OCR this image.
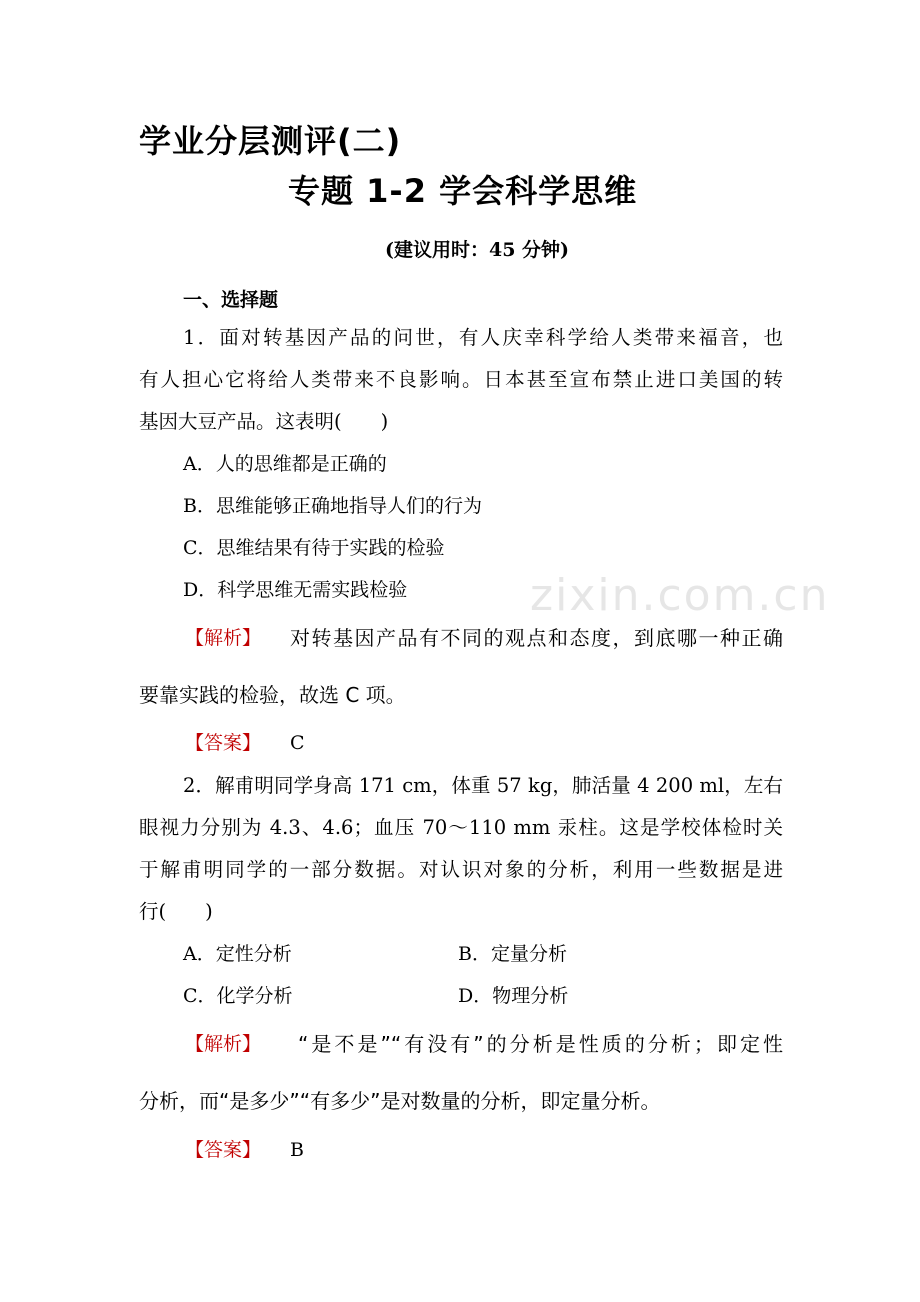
zixin.com.cn
学业分层测评(二)
专题 1-2 学会科学思维
(建议用时：45 分钟)
一、选择题
1．面对转基因产品的问世，有人庆幸科学给人类带来福音，也
有人担心它将给人类带来不良影响。日本甚至宣布禁止进口美国的转
基因大豆产品。这表明(　　)
A．人的思维都是正确的
B．思维能够正确地指导人们的行为
C．思维结果有待于实践的检验
D．科学思维无需实践检验
【解析】 对转基因产品有不同的观点和态度，到底哪一种正确
要靠实践的检验，故选 C 项。
【答案】 C
2．解甫明同学身高 171 cm，体重 57 kg，肺活量 4 200 ml，左右
眼视力分别为 4.3、4.6；血压 70～110 mm 汞柱。这是学校体检时关
于解甫明同学的一部分数据。对认识对象的分析，利用一些数据是进
行(　　)
A．定性分析	B．定量分析
C．化学分析	D．物理分析
【解析】 “是不是”“有没有”的分析是性质的分析；即定性
分析，而“是多少”“有多少”是对数量的分析，即定量分析。
【答案】 B
